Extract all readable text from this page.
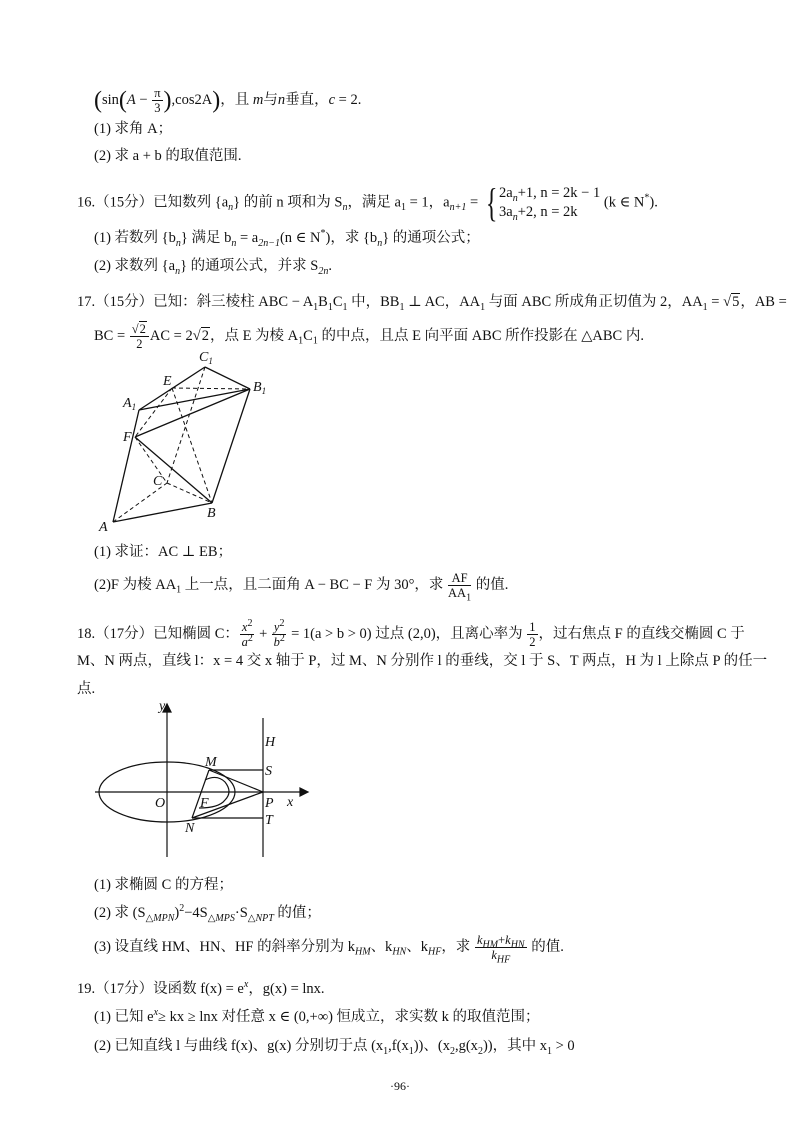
$(\sin(A - \frac{\pi}{3} ),\cos 2A)$，且 m与n垂直，c = 2.
(1) 求角 A；
(2) 求 a + b 的取值范围.
16.（15分）已知数列 $\{a_n\}$ 的前 n 项和为 $S_n$，满足 $a_1 = 1$，$a_{n+1}$ = { $2a_n+1$, n = 2k − 1
$3a_n+2$, n = 2k (k ∈ N*).
(1) 若数列 $\{b_n\}$ 满足 $b_n = a_{2n-1}(n$ ∈ N*)，求 $\{b_n\}$ 的通项公式；
(2) 求数列 $\{a_n\}$ 的通项公式，并求 $S_{2n}$.
17.（15分）已知：斜三棱柱 ABC − $A_1B_1C_1$ 中，$BB_1$ ⊥ AC，$AA_1$ 与面 ABC 所成角正切值为 2，$AA_1 = √5$，AB =
BC = $\frac{√2}{2}$ AC = 2√2，点 E 为棱 $A_1C_1$ 的中点，且点 E 向平面 ABC 所作投影在 △ABC 内.
$C_1$
E	$B_1$
$A_1$
F
C
B
A
(1) 求证：AC ⊥ EB；
(2)F 为棱 $AA_1$ 上一点，且二面角 A − BC − F 为 30°，求 $\frac{AF}{AA_1}$ 的值.
18.（17分）已知椭圆 C： $\frac{x^2}{a^2} + \frac{y^2}{b^2} = 1(a > b > 0)$ 过点 (2,0)，且离心率为 $\frac{1}{2}$ ，过右焦点 F 的直线交椭圆 C 于
M、N 两点，直线 l：x = 4 交 x 轴于 P，过 M、N 分别作 l 的垂线，交 l 于 S、T 两点，H 为 l 上除点 P 的任一
点.
y
x
O F	P
M
N
H
S
T
(1) 求椭圆 C 的方程；
(2) 求 $(S_{\triangle MPN})^2-4S_{\triangle MPS}\cdot S_{\triangle NPT}$ 的值；
(3) 设直线 HM、HN、HF 的斜率分别为 $k_{HM}$、$k_{HN}$、$k_{HF}$，求 $\frac{k_{HM}+k_{HN}}{k_{HF}}$ 的值.
19.（17分）设函数 $f(x) = e^x$，g(x) = lnx.
(1) 已知 $e^x\ge$ kx ≥ lnx 对任意 x ∈ (0,+∞) 恒成立，求实数 k 的取值范围；
(2) 已知直线 l 与曲线 f(x)、g(x) 分别切于点 $(x_1,f(x_1))$、$(x_2,g(x_2))$，其中 $x_1 > 0$
·96·
